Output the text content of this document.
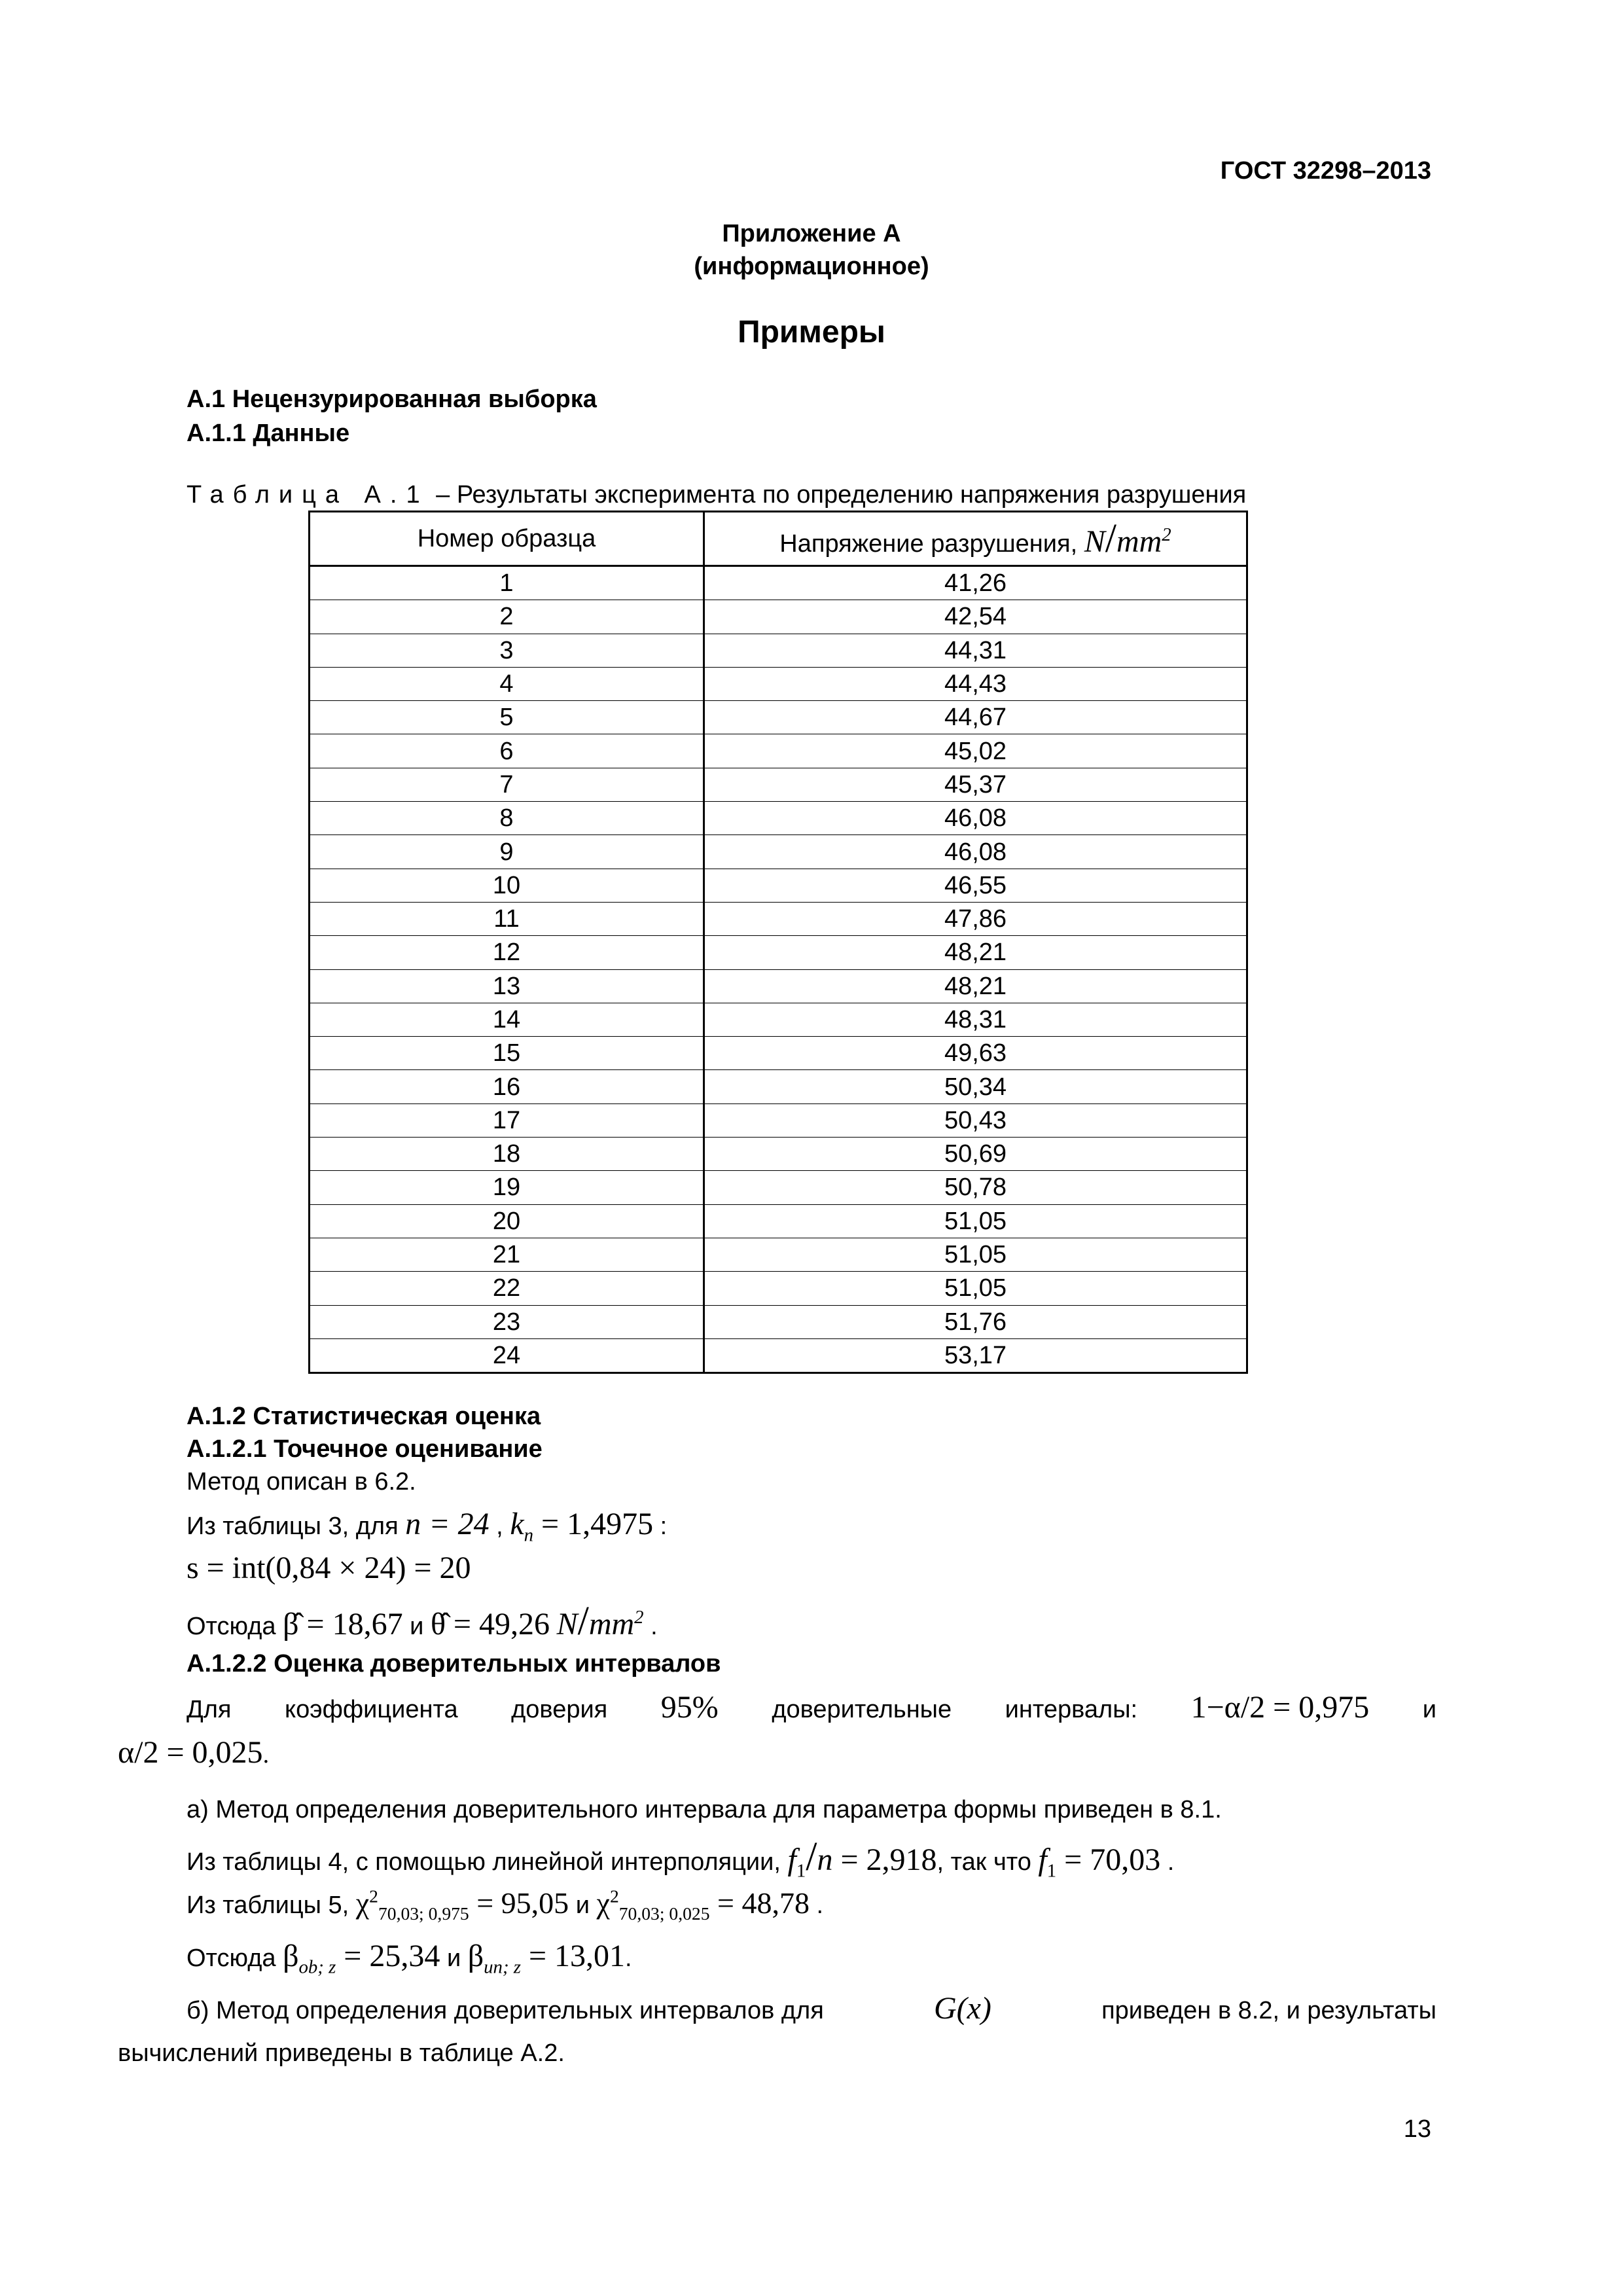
ГОСТ 32298–2013
Приложение А
(информационное)
Примеры
А.1 Нецензурированная выборка
А.1.1 Данные
Таблица А.1 – Результаты эксперимента по определению напряжения разрушения
Номер образца	Напряжение разрушения, $N/mm^2$
1	41,26
2	42,54
3	44,31
4	44,43
5	44,67
6	45,02
7	45,37
8	46,08
9	46,08
10	46,55
11	47,86
12	48,21
13	48,21
14	48,31
15	49,63
16	50,34
17	50,43
18	50,69
19	50,78
20	51,05
21	51,05
22	51,05
23	51,76
24	53,17
А.1.2 Статистическая оценка
А.1.2.1 Точечное оценивание
Метод описан в 6.2.
Из таблицы 3, для n = 24 , $k_n = 1,4975$ :
s = int(0,84 × 24) = 20
Отсюда β̂ = 18,67 и θ̂ = 49,26 $N/mm^2$ .
А.1.2.2 Оценка доверительных интервалов
Для коэффициента доверия 95% доверительные интервалы: 1−α/2 = 0,975 и
α/2 = 0,025.
а) Метод определения доверительного интервала для параметра формы приведен в 8.1.
Из таблицы 4, с помощью линейной интерполяции, $f_1/n = 2,918$, так что $f_1 = 70,03$ .
Из таблицы 5, $\chi^2_{70,03; 0,975} = 95,05$ и $\chi^2_{70,03; 0,025} = 48,78$ .
Отсюда $\beta_{ob; z} = 25,34$ и $\beta_{un; z} = 13,01$.
б) Метод определения доверительных интервалов для	G(x)	приведен в 8.2, и результаты
вычислений приведены в таблице А.2.
13
